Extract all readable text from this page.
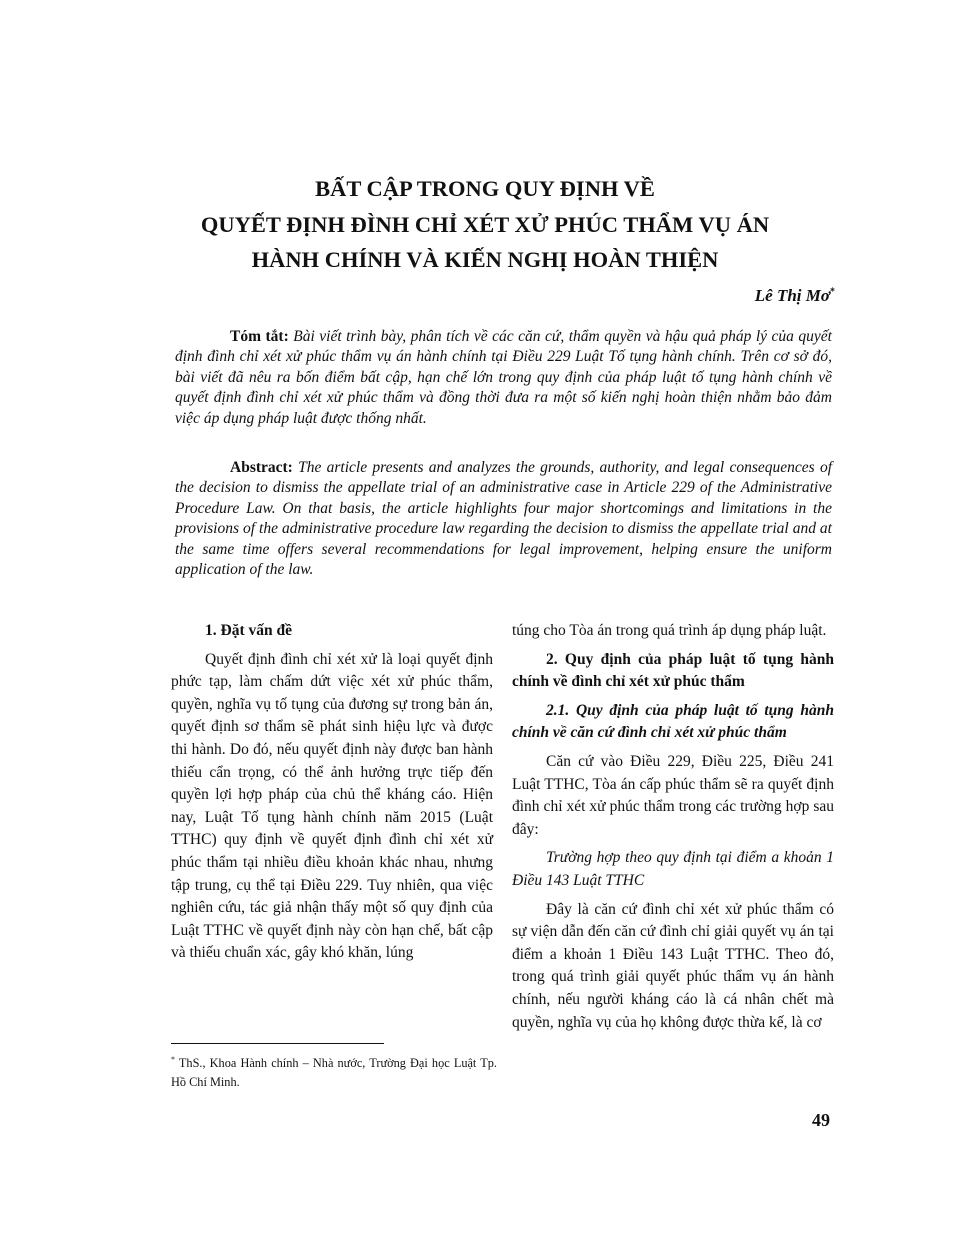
BẤT CẬP TRONG QUY ĐỊNH VỀ
QUYẾT ĐỊNH ĐÌNH CHỈ XÉT XỬ PHÚC THẨM VỤ ÁN
HÀNH CHÍNH VÀ KIẾN NGHỊ HOÀN THIỆN
Lê Thị Mơ*

Tóm tắt: Bài viết trình bày, phân tích về các căn cứ, thẩm quyền và hậu quả pháp lý của quyết định đình chỉ xét xử phúc thẩm vụ án hành chính tại Điều 229 Luật Tố tụng hành chính. Trên cơ sở đó, bài viết đã nêu ra bốn điểm bất cập, hạn chế lớn trong quy định của pháp luật tố tụng hành chính về quyết định đình chỉ xét xử phúc thẩm và đồng thời đưa ra một số kiến nghị hoàn thiện nhằm bảo đảm việc áp dụng pháp luật được thống nhất.

Abstract: The article presents and analyzes the grounds, authority, and legal consequences of the decision to dismiss the appellate trial of an administrative case in Article 229 of the Administrative Procedure Law. On that basis, the article highlights four major shortcomings and limitations in the provisions of the administrative procedure law regarding the decision to dismiss the appellate trial and at the same time offers several recommendations for legal improvement, helping ensure the uniform application of the law.

1. Đặt vấn đề

Quyết định đình chỉ xét xử là loại quyết định phức tạp, làm chấm dứt việc xét xử phúc thẩm, quyền, nghĩa vụ tố tụng của đương sự trong bản án, quyết định sơ thẩm sẽ phát sinh hiệu lực và được thi hành. Do đó, nếu quyết định này được ban hành thiếu cẩn trọng, có thể ảnh hưởng trực tiếp đến quyền lợi hợp pháp của chủ thể kháng cáo. Hiện nay, Luật Tố tụng hành chính năm 2015 (Luật TTHC) quy định về quyết định đình chỉ xét xử phúc thẩm tại nhiều điều khoản khác nhau, nhưng tập trung, cụ thể tại Điều 229. Tuy nhiên, qua việc nghiên cứu, tác giả nhận thấy một số quy định của Luật TTHC về quyết định này còn hạn chế, bất cập và thiếu chuẩn xác, gây khó khăn, lúng

túng cho Tòa án trong quá trình áp dụng pháp luật.

2. Quy định của pháp luật tố tụng hành chính về đình chỉ xét xử phúc thẩm

2.1. Quy định của pháp luật tố tụng hành chính về căn cứ đình chỉ xét xử phúc thẩm

Căn cứ vào Điều 229, Điều 225, Điều 241 Luật TTHC, Tòa án cấp phúc thẩm sẽ ra quyết định đình chỉ xét xử phúc thẩm trong các trường hợp sau đây:

Trường hợp theo quy định tại điểm a khoản 1 Điều 143 Luật TTHC

Đây là căn cứ đình chỉ xét xử phúc thẩm có sự viện dẫn đến căn cứ đình chỉ giải quyết vụ án tại điểm a khoản 1 Điều 143 Luật TTHC. Theo đó, trong quá trình giải quyết phúc thẩm vụ án hành chính, nếu người kháng cáo là cá nhân chết mà quyền, nghĩa vụ của họ không được thừa kế, là cơ

* ThS., Khoa Hành chính – Nhà nước, Trường Đại học Luật Tp. Hồ Chí Minh.

49
